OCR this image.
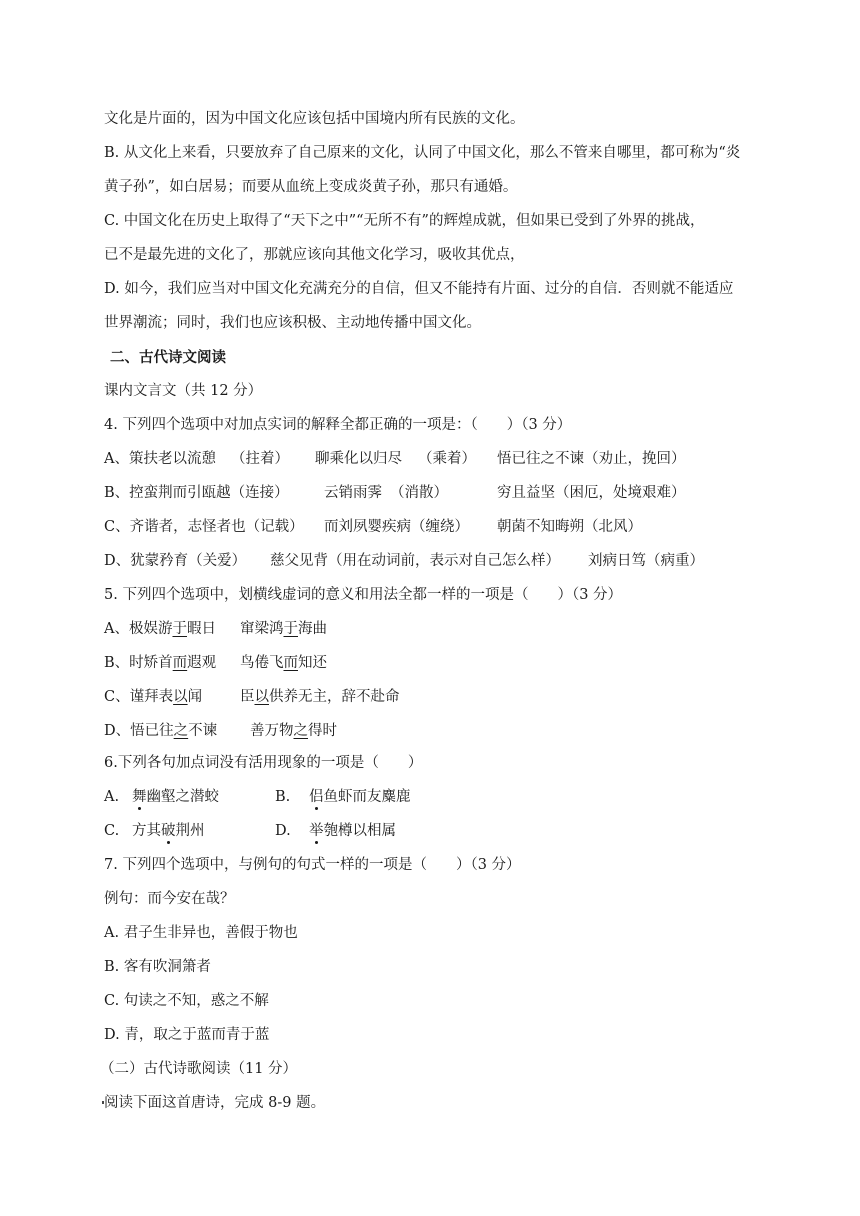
文化是片面的，因为中国文化应该包括中国境内所有民族的文化。
B. 从文化上来看，只要放弃了自己原来的文化，认同了中国文化，那么不管来自哪里，都可称为“炎
黄子孙”，如白居易；而要从血统上变成炎黄子孙，那只有通婚。
C. 中国文化在历史上取得了“天下之中”“无所不有”的辉煌成就，但如果已受到了外界的挑战，
已不是最先进的文化了，那就应该向其他文化学习，吸收其优点，
D. 如今，我们应当对中国文化充满充分的自信，但又不能持有片面、过分的自信．否则就不能适应
世界潮流；同时，我们也应该积极、主动地传播中国文化。
二、古代诗文阅读
课内文言文（共 12 分）
4. 下列四个选项中对加点实词的解释全都正确的一项是：（　　）（3 分）
A、策扶老以流憩 （拄着） 聊乘化以归尽 （乘着） 悟已往之不谏（劝止，挽回）
B、控蛮荆而引瓯越（连接） 云销雨霁 （消散）	穷且益坚（困厄，处境艰难）
C、齐谐者，志怪者也（记载） 而刘夙婴疾病（缠绕） 朝菌不知晦朔（北风）
D、犹蒙矜育（关爱） 慈父见背（用在动词前，表示对自己怎么样） 刘病日笃（病重）
5. 下列四个选项中，划横线虚词的意义和用法全都一样的一项是（　　）（3 分）
A、极娱游于暇日 窜梁鸿于海曲
B、时矫首而遐观 鸟倦飞而知还
C、谨拜表以闻	臣以供养无主，辞不赴命
D、悟已往之不谏 善万物之得时
6.下列各句加点词没有活用现象的一项是（　　）
A. 舞幽壑之潜蛟	B. 侣鱼虾而友麋鹿
C. 方其破荆州	D. 举匏樽以相属
7. 下列四个选项中，与例句的句式一样的一项是（　　）（3 分）
例句：而今安在哉？
A. 君子生非异也，善假于物也
B. 客有吹洞箫者
C. 句读之不知，惑之不解
D. 青，取之于蓝而青于蓝
（二）古代诗歌阅读（11 分）
阅读下面这首唐诗，完成 8-9 题。
